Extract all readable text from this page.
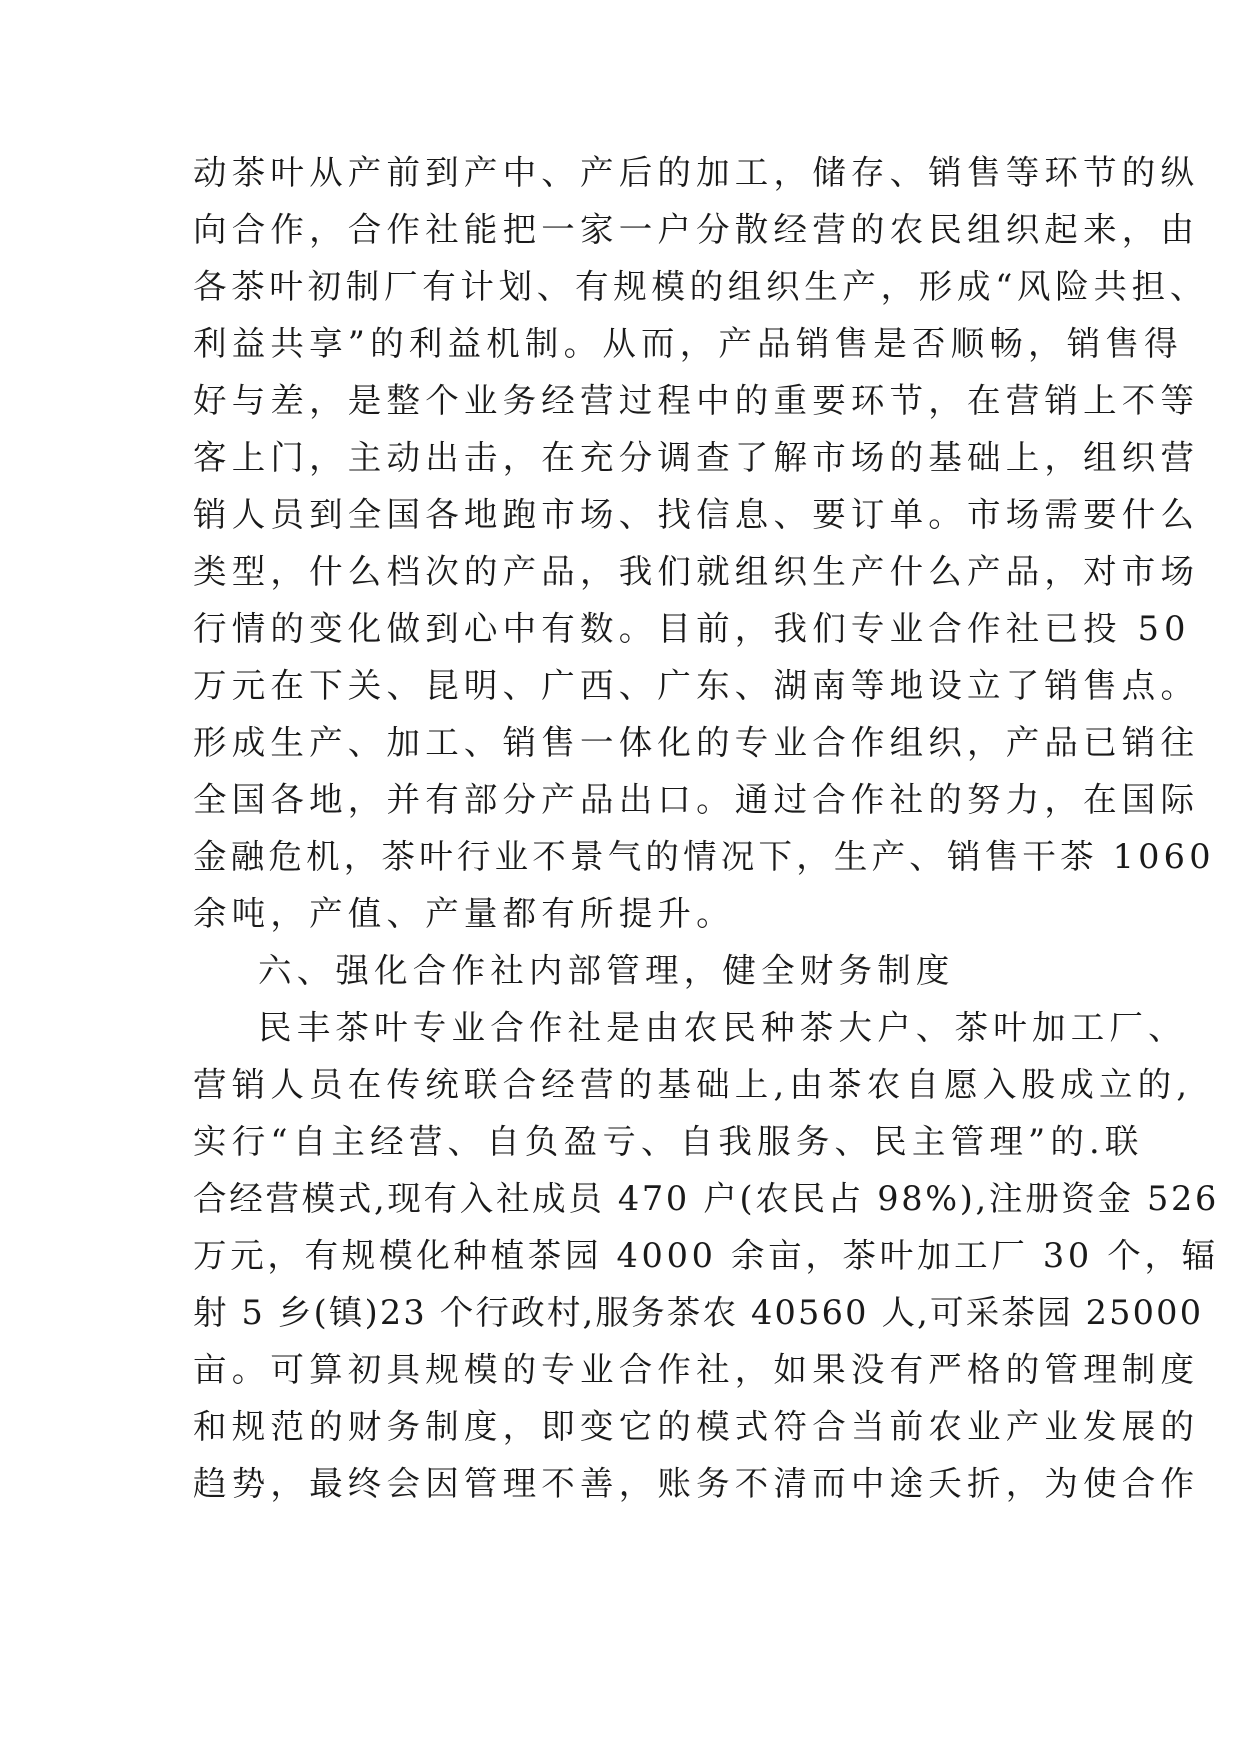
动茶叶从产前到产中、产后的加工，储存、销售等环节的纵
向合作，合作社能把一家一户分散经营的农民组织起来，由
各茶叶初制厂有计划、有规模的组织生产，形成“风险共担、
利益共享”的利益机制。从而，产品销售是否顺畅，销售得
好与差，是整个业务经营过程中的重要环节，在营销上不等
客上门，主动出击，在充分调查了解市场的基础上，组织营
销人员到全国各地跑市场、找信息、要订单。市场需要什么
类型，什么档次的产品，我们就组织生产什么产品，对市场
行情的变化做到心中有数。目前，我们专业合作社已投 50
万元在下关、昆明、广西、广东、湖南等地设立了销售点。
形成生产、加工、销售一体化的专业合作组织，产品已销往
全国各地，并有部分产品出口。通过合作社的努力，在国际
金融危机，茶叶行业不景气的情况下，生产、销售干茶 1060
余吨，产值、产量都有所提升。
六、强化合作社内部管理，健全财务制度
民丰茶叶专业合作社是由农民种茶大户、茶叶加工厂、
营销人员在传统联合经营的基础上,由茶农自愿入股成立的,
实行“自主经营、自负盈亏、自我服务、民主管理”的.联
合经营模式,现有入社成员 470 户(农民占 98%),注册资金 526
万元，有规模化种植茶园 4000 余亩，茶叶加工厂 30 个，辐
射 5 乡(镇)23 个行政村,服务茶农 40560 人,可采茶园 25000
亩。可算初具规模的专业合作社，如果没有严格的管理制度
和规范的财务制度，即变它的模式符合当前农业产业发展的
趋势，最终会因管理不善，账务不清而中途夭折，为使合作
